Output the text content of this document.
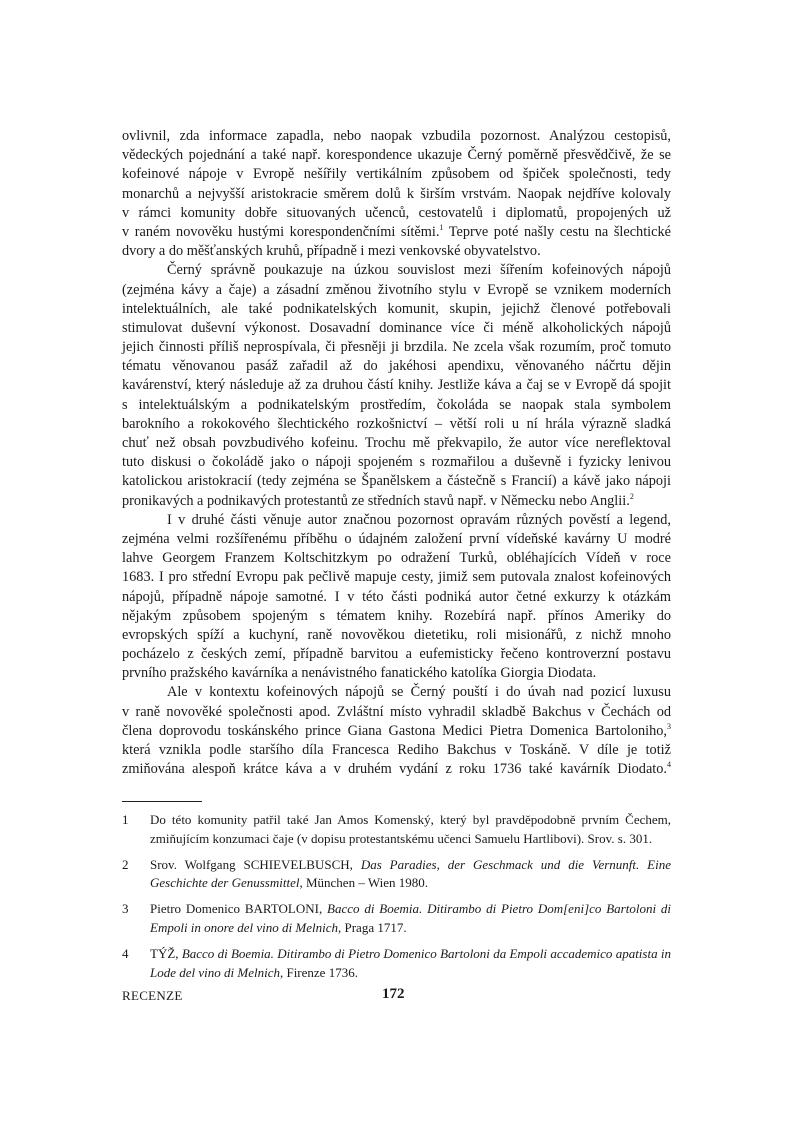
ovlivnil, zda informace zapadla, nebo naopak vzbudila pozornost. Analýzou cestopisů,
vědeckých pojednání a také např. korespondence ukazuje Černý poměrně přesvědčivě, že se
kofeinové nápoje v Evropě nešířily vertikálním způsobem od špiček společnosti, tedy
monarchů a nejvyšší aristokracie směrem dolů k širším vrstvám. Naopak nejdříve kolovaly
v rámci komunity dobře situovaných učenců, cestovatelů i diplomatů, propojených už
v raném novověku hustými korespondenčními sítěmi.$^1$ Teprve poté našly cestu na šlechtické
dvory a do měšťanských kruhů, případně i mezi venkovské obyvatelstvo.
Černý správně poukazuje na úzkou souvislost mezi šířením kofeinových nápojů
(zejména kávy a čaje) a zásadní změnou životního stylu v Evropě se vznikem moderních
intelektuálních, ale také podnikatelských komunit, skupin, jejichž členové potřebovali
stimulovat duševní výkonost. Dosavadní dominance více či méně alkoholických nápojů
jejich činnosti příliš neprospívala, či přesněji ji brzdila. Ne zcela však rozumím, proč tomuto
tématu věnovanou pasáž zařadil až do jakéhosi apendixu, věnovaného náčrtu dějin
kavárenství, který následuje až za druhou částí knihy. Jestliže káva a čaj se v Evropě dá spojit
s intelektuálským a podnikatelským prostředím, čokoláda se naopak stala symbolem
barokního a rokokového šlechtického rozkošnictví – větší roli u ní hrála výrazně sladká
chuť než obsah povzbudivého kofeinu. Trochu mě překvapilo, že autor více nereflektoval
tuto diskusi o čokoládě jako o nápoji spojeném s rozmařilou a duševně i fyzicky lenivou
katolickou aristokracií (tedy zejména se Španělskem a částečně s Francií) a kávě jako nápoji
pronikavých a podnikavých protestantů ze středních stavů např. v Německu nebo Anglii.$^2$
I v druhé části věnuje autor značnou pozornost opravám různých pověstí a legend,
zejména velmi rozšířenému příběhu o údajném založení první vídeňské kavárny U modré
lahve Georgem Franzem Koltschitzkym po odražení Turků, obléhajících Vídeň v roce
1683. I pro střední Evropu pak pečlivě mapuje cesty, jimiž sem putovala znalost kofeinových
nápojů, případně nápoje samotné. I v této části podniká autor četné exkurzy k otázkám
nějakým způsobem spojeným s tématem knihy. Rozebírá např. přínos Ameriky do
evropských spíží a kuchyní, raně novověkou dietetiku, roli misionářů, z nichž mnoho
pocházelo z českých zemí, případně barvitou a eufemisticky řečeno kontroverzní postavu
prvního pražského kavárníka a nenávistného fanatického katolíka Giorgia Diodata.
Ale v kontextu kofeinových nápojů se Černý pouští i do úvah nad pozicí luxusu
v raně novověké společnosti apod. Zvláštní místo vyhradil skladbě Bakchus v Čechách od
člena doprovodu toskánského prince Giana Gastona Medici Pietra Domenica Bartoloniho,$^3$
která vznikla podle staršího díla Francesca Rediho Bakchus v Toskáně. V díle je totiž
zmiňována alespoň krátce káva a v druhém vydání z roku 1736 také kavárník Diodato.$^4$
1 Do této komunity patřil také Jan Amos Komenský, který byl pravděpodobně prvním Čechem,
zmiňujícím konzumaci čaje (v dopisu protestantskému učenci Samuelu Hartlibovi). Srov. s. 301.
2 Srov. Wolfgang SCHIEVELBUSCH, Das Paradies, der Geschmack und die Vernunft. Eine
Geschichte der Genussmittel, München – Wien 1980.
3 Pietro Domenico BARTOLONI, Bacco di Boemia. Ditirambo di Pietro Dom[eni]co Bartoloni di
Empoli in onore del vino di Melnich, Praga 1717.
4 TÝŽ, Bacco di Boemia. Ditirambo di Pietro Domenico Bartoloni da Empoli accademico apatista in
Lode del vino di Melnich, Firenze 1736.
RECENZE	172
